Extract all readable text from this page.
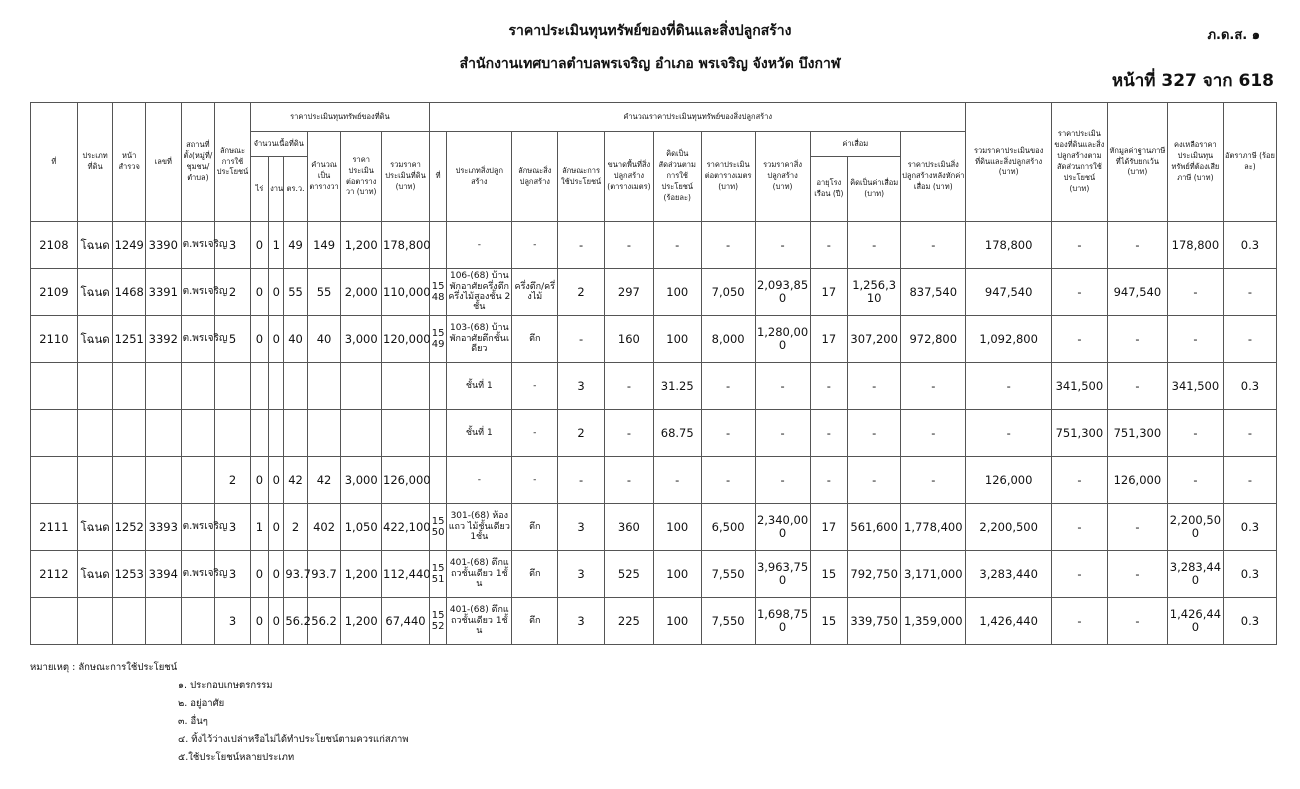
ราคาประเมินทุนทรัพย์ของที่ดินและสิ่งปลูกสร้าง
สำนักงานเทศบาลตำบลพรเจริญ อำเภอ พรเจริญ จังหวัด บึงกาฬ
ภ.ด.ส. ๑
หน้าที่ 327 จาก 618
ที่	ประเภทที่ดิน	หน้าสำรวจ	เลขที่	สถานที่ตั้ง(หมู่ที่/ชุมชน/ตำบล)	ลักษณะการใช้ประโยชน์	ราคาประเมินทุนทรัพย์ของที่ดิน						คำนวณราคาประเมินทุนทรัพย์ของสิ่งปลูกสร้าง											รวมราคาประเมินของที่ดินและสิ่งปลูกสร้าง (บาท)	ราคาประเมินของที่ดินและสิ่งปลูกสร้างตามสัดส่วนการใช้ประโยชน์ (บาท)	หักมูลค่าฐานภาษีที่ได้รับยกเว้น (บาท)	คงเหลือราคาประเมินทุนทรัพย์ที่ต้องเสียภาษี (บาท)	อัตราภาษี (ร้อยละ)
						จำนวนเนื้อที่ดิน			คำนวณเป็นตารางวา	ราคาประเมินต่อตารางวา (บาท)	รวมราคาประเมินที่ดิน (บาท)	ที่	ประเภทสิ่งปลูกสร้าง	ลักษณะสิ่งปลูกสร้าง	ลักษณะการใช้ประโยชน์	ขนาดพื้นที่สิ่งปลูกสร้าง (ตารางเมตร)	คิดเป็นสัดส่วนตามการใช้ประโยชน์ (ร้อยละ)	ราคาประเมินต่อตารางเมตร (บาท)	รวมราคาสิ่งปลูกสร้าง (บาท)	ค่าเสื่อม		ราคาประเมินสิ่งปลูกสร้างหลังหักค่าเสื่อม (บาท)					
						ไร่	งาน	ตร.ว.												อายุโรงเรือน (ปี)	คิดเป็นค่าเสื่อม (บาท)						
2108	โฉนด	1249	3390	ต.พรเจริญ	3	0	1	49	149	1,200	178,800		-	-	-	-	-	-	-	-	-	-	178,800	-	-	178,800	0.3
2109	โฉนด	1468	3391	ต.พรเจริญ	2	0	0	55	55	2,000	110,000	1548	106-(68) บ้านพักอาศัยครึ่งตึกครึ่งไม้สองชั้น 2ชั้น	ครึ่งตึก/ครึ่งไม้	2	297	100	7,050	2,093,850	17	1,256,310	837,540	947,540	-	947,540	-	-
2110	โฉนด	1251	3392	ต.พรเจริญ	5	0	0	40	40	3,000	120,000	1549	103-(68) บ้านพักอาศัยตึกชั้นเดียว	ตึก	-	160	100	8,000	1,280,000	17	307,200	972,800	1,092,800	-	-	-	-
													ชั้นที่ 1	-	3	-	31.25	-	-	-	-	-	-	341,500	-	341,500	0.3
													ชั้นที่ 1	-	2	-	68.75	-	-	-	-	-	-	751,300	751,300	-	-
					2	0	0	42	42	3,000	126,000		-	-	-	-	-	-	-	-	-	-	126,000	-	126,000	-	-
2111	โฉนด	1252	3393	ต.พรเจริญ	3	1	0	2	402	1,050	422,100	1550	301-(68) ห้องแถว ไม้ชั้นเดียว 1ชั้น	ตึก	3	360	100	6,500	2,340,000	17	561,600	1,778,400	2,200,500	-	-	2,200,500	0.3
2112	โฉนด	1253	3394	ต.พรเจริญ	3	0	0	93.7	93.7	1,200	112,440	1551	401-(68) ตึกแถวชั้นเดียว 1ชั้น	ตึก	3	525	100	7,550	3,963,750	15	792,750	3,171,000	3,283,440	-	-	3,283,440	0.3
					3	0	0	56.2	56.2	1,200	67,440	1552	401-(68) ตึกแถวชั้นเดียว 1ชั้น	ตึก	3	225	100	7,550	1,698,750	15	339,750	1,359,000	1,426,440	-	-	1,426,440	0.3
หมายเหตุ : ลักษณะการใช้ประโยชน์
๑. ประกอบเกษตรกรรม
๒. อยู่อาศัย
๓. อื่นๆ
๔. ทิ้งไว้ว่างเปล่าหรือไม่ได้ทำประโยชน์ตามควรแก่สภาพ
๕.ใช้ประโยชน์หลายประเภท
